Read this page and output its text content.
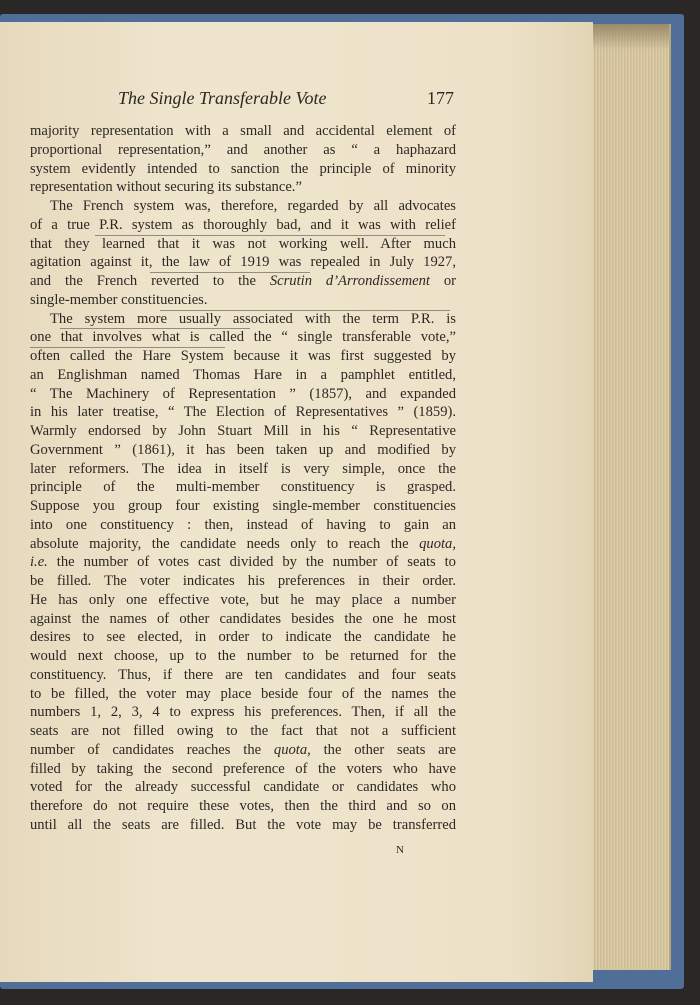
The Single Transferable Vote	177
majority representation with a small and accidental element of
proportional representation,” and another as “ a haphazard
system evidently intended to sanction the principle of minority
representation without securing its substance.”
The French system was, therefore, regarded by all advocates
of a true P.R. system as thoroughly bad, and it was with relief
that they learned that it was not working well. After much
agitation against it, the law of 1919 was repealed in July 1927,
and the French reverted to the Scrutin d’Arrondissement or
single-member constituencies.
The system more usually associated with the term P.R. is
one that involves what is called the “ single transferable vote,”
often called the Hare System because it was first suggested by
an Englishman named Thomas Hare in a pamphlet entitled,
“ The Machinery of Representation ” (1857), and expanded
in his later treatise, “ The Election of Representatives ” (1859).
Warmly endorsed by John Stuart Mill in his “ Representative
Government ” (1861), it has been taken up and modified by
later reformers. The idea in itself is very simple, once the
principle of the multi-member constituency is grasped.
Suppose you group four existing single-member constituencies
into one constituency : then, instead of having to gain an
absolute majority, the candidate needs only to reach the quota,
i.e. the number of votes cast divided by the number of seats to
be filled. The voter indicates his preferences in their order.
He has only one effective vote, but he may place a number
against the names of other candidates besides the one he most
desires to see elected, in order to indicate the candidate he
would next choose, up to the number to be returned for the
constituency. Thus, if there are ten candidates and four seats
to be filled, the voter may place beside four of the names the
numbers 1, 2, 3, 4 to express his preferences. Then, if all the
seats are not filled owing to the fact that not a sufficient
number of candidates reaches the quota, the other seats are
filled by taking the second preference of the voters who have
voted for the already successful candidate or candidates who
therefore do not require these votes, then the third and so on
until all the seats are filled. But the vote may be transferred
N
